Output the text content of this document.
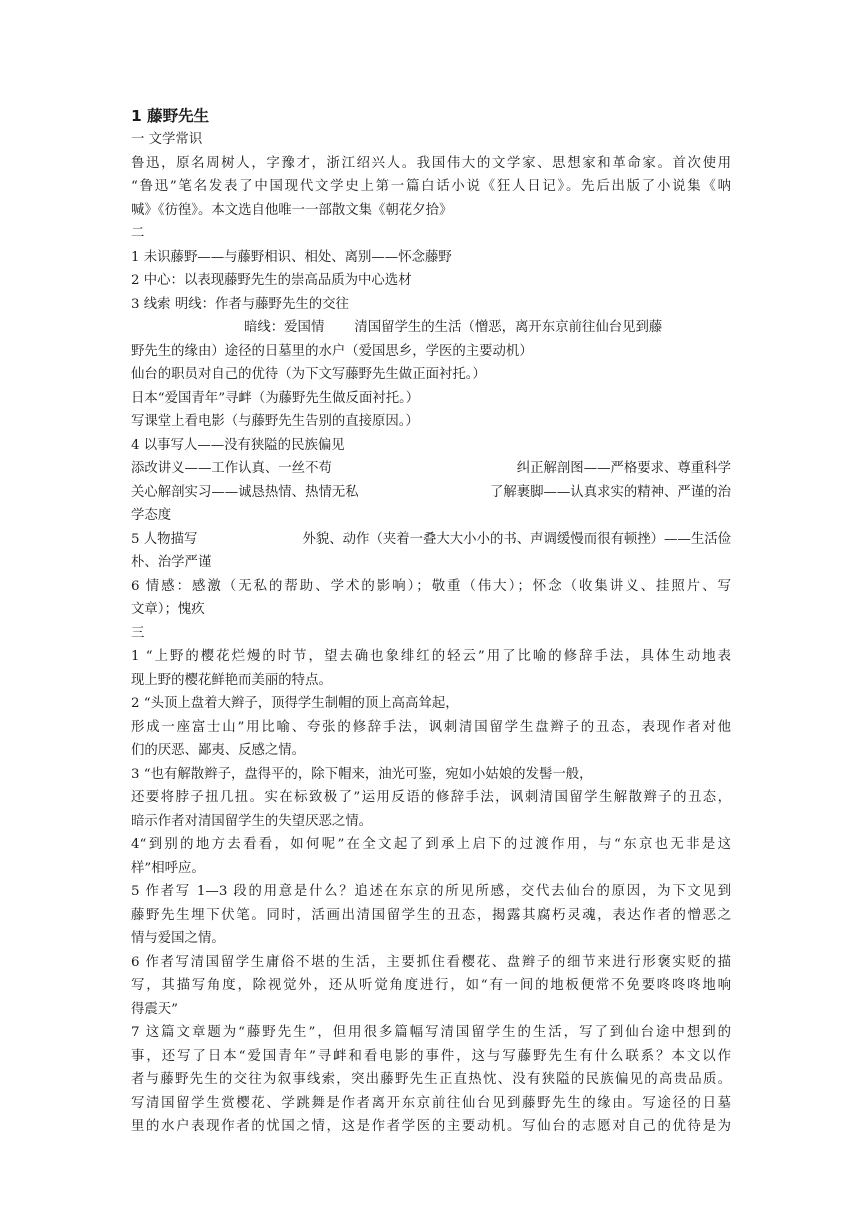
1 藤野先生
一 文学常识
鲁迅，原名周树人，字豫才，浙江绍兴人。我国伟大的文学家、思想家和革命家。首次使用
“鲁迅”笔名发表了中国现代文学史上第一篇白话小说《狂人日记》。先后出版了小说集《呐
喊》《彷徨》。本文选自他唯一一部散文集《朝花夕拾》
二
1 未识藤野——与藤野相识、相处、离别——怀念藤野
2 中心：以表现藤野先生的崇高品质为中心选材
3 线索 明线：作者与藤野先生的交往
暗线：爱国情 清国留学生的生活（憎恶，离开东京前往仙台见到藤
野先生的缘由）途径的日墓里的水户（爱国思乡，学医的主要动机）
仙台的职员对自己的优待（为下文写藤野先生做正面衬托。）
日本“爱国青年”寻衅（为藤野先生做反面衬托。）
写课堂上看电影（与藤野先生告别的直接原因。）
4 以事写人——没有狭隘的民族偏见
添改讲义——工作认真、一丝不苟	纠正解剖图——严格要求、尊重科学
关心解剖实习——诚恳热情、热情无私	了解裹脚——认真求实的精神、严谨的治
学态度
5 人物描写	外貌、动作（夹着一叠大大小小的书、声调缓慢而很有顿挫）——生活俭
朴、治学严谨
6 情感：感激（无私的帮助、学术的影响）；敬重（伟大）；怀念（收集讲义、挂照片、写
文章）；愧疚
三
1 “上野的樱花烂熳的时节，望去确也象绯红的轻云”用了比喻的修辞手法，具体生动地表
现上野的樱花鲜艳而美丽的特点。
2 “头顶上盘着大辫子，顶得学生制帽的顶上高高耸起，
形成一座富士山”用比喻、夸张的修辞手法，讽刺清国留学生盘辫子的丑态，表现作者对他
们的厌恶、鄙夷、反感之情。
3 “也有解散辫子，盘得平的，除下帽来，油光可鉴，宛如小姑娘的发髻一般，
还要将脖子扭几扭。实在标致极了”运用反语的修辞手法，讽刺清国留学生解散辫子的丑态，
暗示作者对清国留学生的失望厌恶之情。
4“到别的地方去看看，如何呢”在全文起了到承上启下的过渡作用，与“东京也无非是这
样”相呼应。
5 作者写 1—3 段的用意是什么？追述在东京的所见所感，交代去仙台的原因，为下文见到
藤野先生埋下伏笔。同时，活画出清国留学生的丑态，揭露其腐朽灵魂，表达作者的憎恶之
情与爱国之情。
6 作者写清国留学生庸俗不堪的生活，主要抓住看樱花、盘辫子的细节来进行形褒实贬的描
写，其描写角度，除视觉外，还从听觉角度进行，如“有一间的地板便常不免要咚咚咚地响
得震天”
7 这篇文章题为“藤野先生”，但用很多篇幅写清国留学生的生活，写了到仙台途中想到的
事，还写了日本“爱国青年”寻衅和看电影的事件，这与写藤野先生有什么联系？本文以作
者与藤野先生的交往为叙事线索，突出藤野先生正直热忱、没有狭隘的民族偏见的高贵品质。
写清国留学生赏樱花、学跳舞是作者离开东京前往仙台见到藤野先生的缘由。写途径的日墓
里的水户表现作者的忧国之情，这是作者学医的主要动机。写仙台的志愿对自己的优待是为
